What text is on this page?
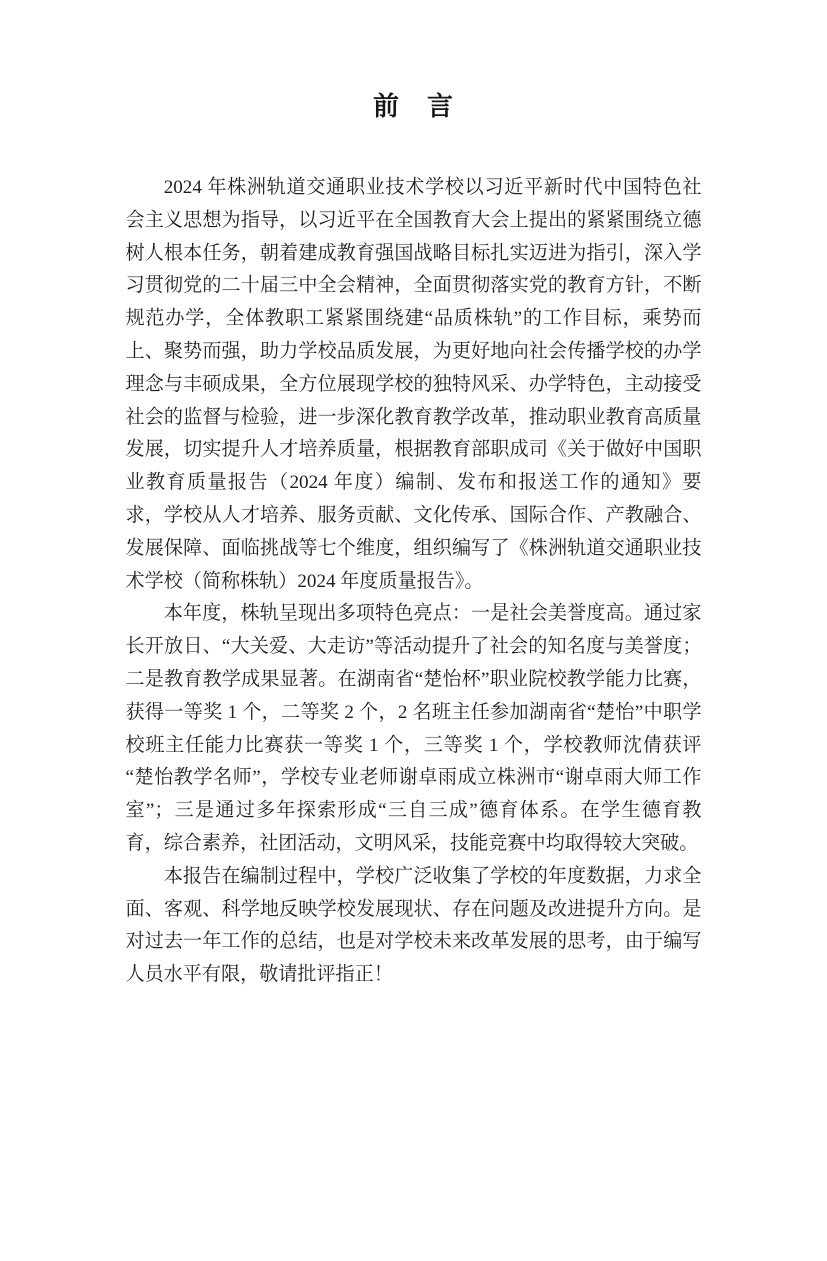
前　言

2024 年株洲轨道交通职业技术学校以习近平新时代中国特色社会主义思想为指导，以习近平在全国教育大会上提出的紧紧围绕立德树人根本任务，朝着建成教育强国战略目标扎实迈进为指引，深入学习贯彻党的二十届三中全会精神，全面贯彻落实党的教育方针，不断规范办学，全体教职工紧紧围绕建“品质株轨”的工作目标，乘势而上、聚势而强，助力学校品质发展，为更好地向社会传播学校的办学理念与丰硕成果，全方位展现学校的独特风采、办学特色，主动接受社会的监督与检验，进一步深化教育教学改革，推动职业教育高质量发展，切实提升人才培养质量，根据教育部职成司《关于做好中国职业教育质量报告（2024 年度）编制、发布和报送工作的通知》要求，学校从人才培养、服务贡献、文化传承、国际合作、产教融合、发展保障、面临挑战等七个维度，组织编写了《株洲轨道交通职业技术学校（简称株轨）2024 年度质量报告》。

本年度，株轨呈现出多项特色亮点：一是社会美誉度高。通过家长开放日、“大关爱、大走访”等活动提升了社会的知名度与美誉度；二是教育教学成果显著。在湖南省“楚怡杯”职业院校教学能力比赛，获得一等奖 1 个，二等奖 2 个，2 名班主任参加湖南省“楚怡”中职学校班主任能力比赛获一等奖 1 个，三等奖 1 个，学校教师沈倩获评“楚怡教学名师”，学校专业老师谢卓雨成立株洲市“谢卓雨大师工作室”；三是通过多年探索形成“三自三成”德育体系。在学生德育教育，综合素养，社团活动，文明风采，技能竞赛中均取得较大突破。

本报告在编制过程中，学校广泛收集了学校的年度数据，力求全面、客观、科学地反映学校发展现状、存在问题及改进提升方向。是对过去一年工作的总结，也是对学校未来改革发展的思考，由于编写人员水平有限，敬请批评指正！
